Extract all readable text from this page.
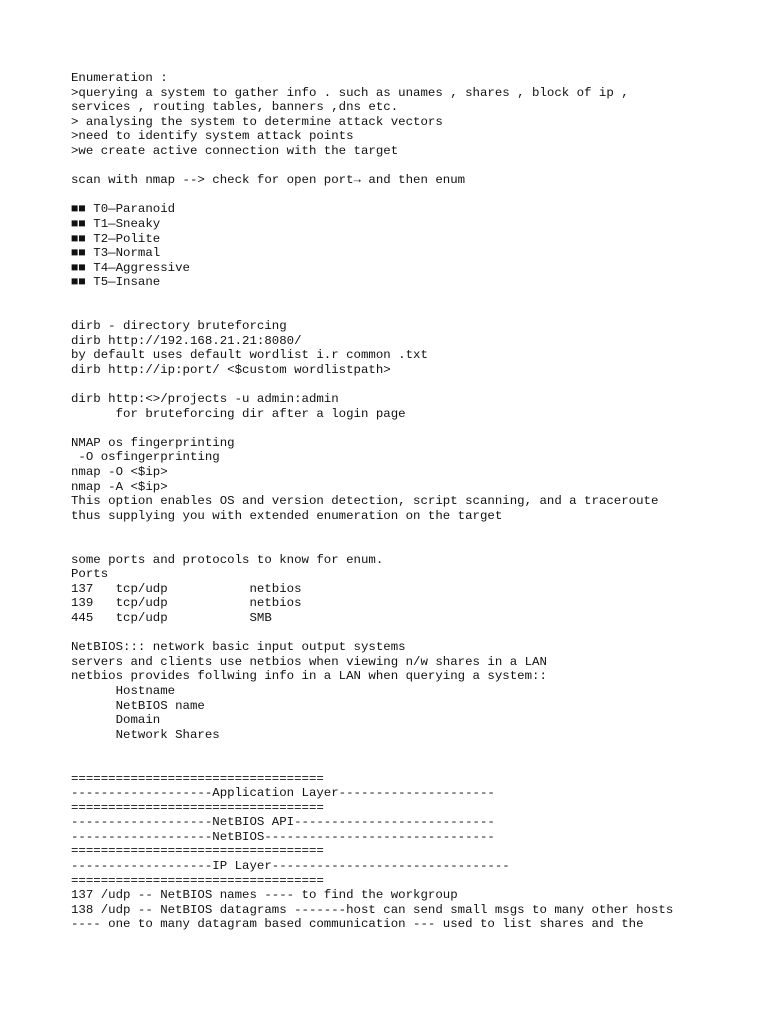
Enumeration :
>querying a system to gather info . such as unames , shares , block of ip ,
services , routing tables, banners ,dns etc.
> analysing the system to determine attack vectors
>need to identify system attack points
>we create active connection with the target
scan with nmap --> check for open port→ and then enum
■■ T0—Paranoid
■■ T1—Sneaky
■■ T2—Polite
■■ T3—Normal
■■ T4—Aggressive
■■ T5—Insane
dirb - directory bruteforcing
dirb http://192.168.21.21:8080/
by default uses default wordlist i.r common .txt
dirb http://ip:port/ <$custom wordlistpath>
dirb http:<>/projects -u admin:admin
for bruteforcing dir after a login page
NMAP os fingerprinting
-O osfingerprinting
nmap -O <$ip>
nmap -A <$ip>
This option enables OS and version detection, script scanning, and a traceroute
thus supplying you with extended enumeration on the target
some ports and protocols to know for enum.
Ports
137   tcp/udp           netbios
139   tcp/udp           netbios
445   tcp/udp           SMB
NetBIOS::: network basic input output systems
servers and clients use netbios when viewing n/w shares in a LAN
netbios provides follwing info in a LAN when querying a system::
Hostname
NetBIOS name
Domain
Network Shares
==================================
-------------------Application Layer---------------------
==================================
-------------------NetBIOS API---------------------------
-------------------NetBIOS-------------------------------
==================================
-------------------IP Layer--------------------------------
==================================
137 /udp -- NetBIOS names ---- to find the workgroup
138 /udp -- NetBIOS datagrams -------host can send small msgs to many other hosts
---- one to many datagram based communication --- used to list shares and the
